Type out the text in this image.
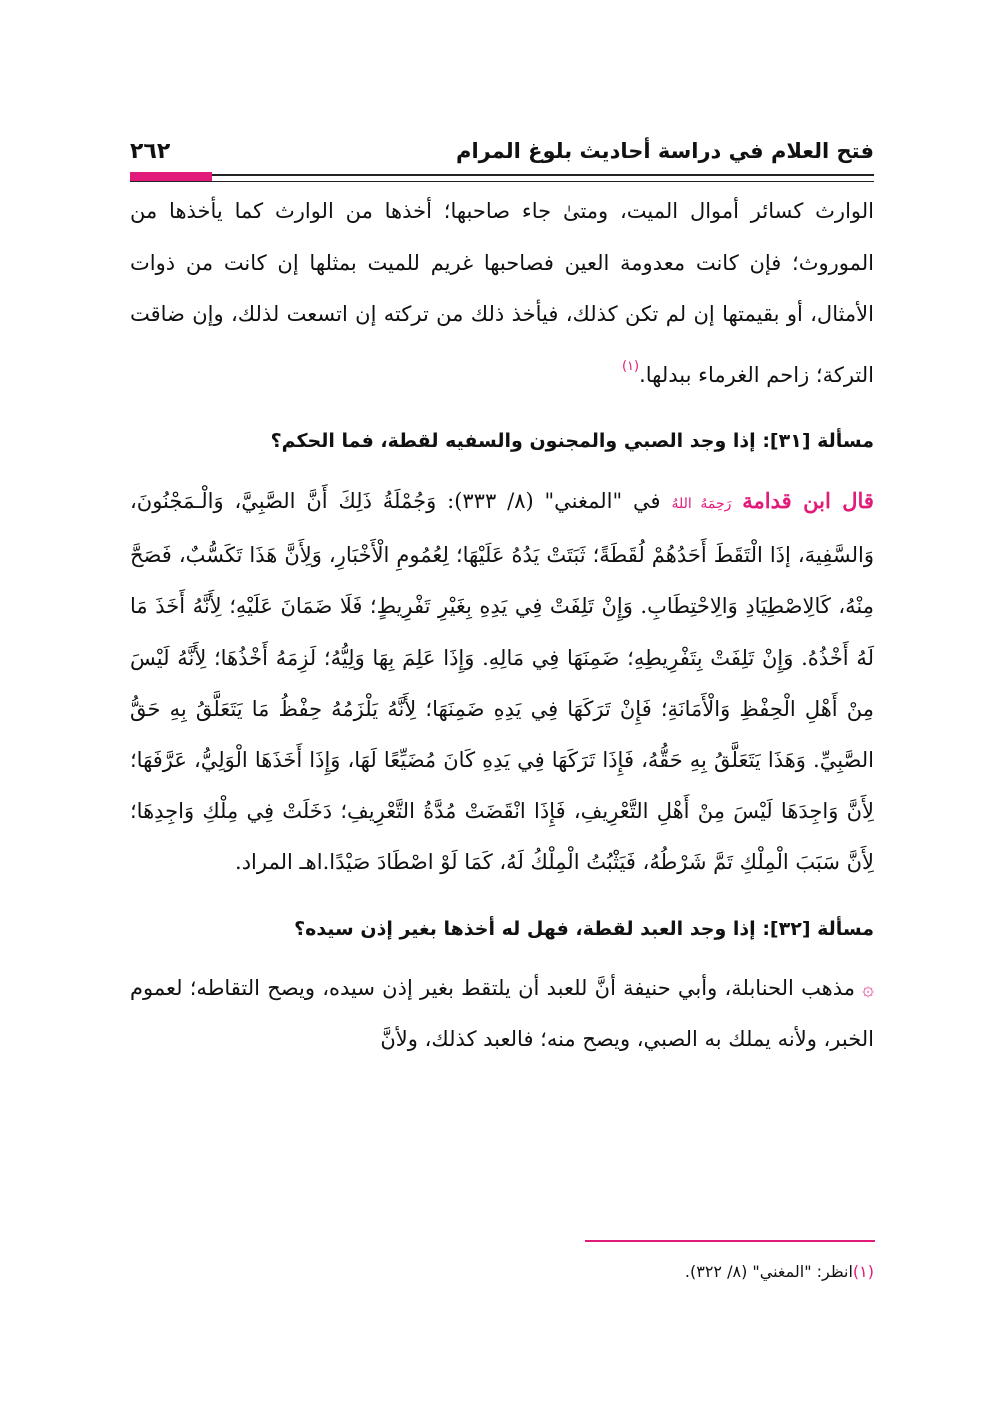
فتح العلام في دراسة أحاديث بلوغ المرام
٢٦٢

الوارث كسائر أموال الميت، ومتىٰ جاء صاحبها؛ أخذها من الوارث كما يأخذها من الموروث؛ فإن كانت معدومة العين فصاحبها غريم للميت بمثلها إن كانت من ذوات الأمثال، أو بقيمتها إن لم تكن كذلك، فيأخذ ذلك من تركته إن اتسعت لذلك، وإن ضاقت التركة؛ زاحم الغرماء ببدلها.$^{(١)}$

مسألة [٣١]: إذا وجد الصبي والمجنون والسفيه لقطة، فما الحكم؟

قال ابن قدامة رَحِمَهُ اللهُ في "المغني" (٨/ ٣٣٣): وَجُمْلَةُ ذَلِكَ أَنَّ الصَّبِيَّ، وَالْـمَجْنُونَ، وَالسَّفِيهَ، إذَا الْتَقَطَ أَحَدُهُمْ لُقَطَةً؛ ثَبَتَتْ يَدُهُ عَلَيْهَا؛ لِعُمُومِ الْأَخْبَارِ، وَلِأَنَّ هَذَا تَكَسُّبٌ، فَصَحَّ مِنْهُ، كَالِاصْطِيَادِ وَالِاحْتِطَابِ. وَإِنْ تَلِفَتْ فِي يَدِهِ بِغَيْرِ تَفْرِيطٍ؛ فَلَا ضَمَانَ عَلَيْهِ؛ لِأَنَّهُ أَخَذَ مَا لَهُ أَخْذُهُ. وَإِنْ تَلِفَتْ بِتَفْرِيطِهِ؛ ضَمِنَهَا فِي مَالِهِ. وَإِذَا عَلِمَ بِهَا وَلِيُّهُ؛ لَزِمَهُ أَخْذُهَا؛ لِأَنَّهُ لَيْسَ مِنْ أَهْلِ الْحِفْظِ وَالْأَمَانَةِ؛ فَإِنْ تَرَكَهَا فِي يَدِهِ ضَمِنَهَا؛ لِأَنَّهُ يَلْزَمُهُ حِفْظُ مَا يَتَعَلَّقُ بِهِ حَقُّ الصَّبِيِّ. وَهَذَا يَتَعَلَّقُ بِهِ حَقُّهُ، فَإِذَا تَرَكَهَا فِي يَدِهِ كَانَ مُضَيِّعًا لَهَا، وَإِذَا أَخَذَهَا الْوَلِيُّ، عَرَّفَهَا؛ لِأَنَّ وَاجِدَهَا لَيْسَ مِنْ أَهْلِ التَّعْرِيفِ، فَإِذَا انْقَضَتْ مُدَّةُ التَّعْرِيفِ؛ دَخَلَتْ فِي مِلْكِ وَاجِدِهَا؛ لِأَنَّ سَبَبَ الْمِلْكِ تَمَّ شَرْطُهُ، فَيَثْبُتُ الْمِلْكُ لَهُ، كَمَا لَوْ اصْطَادَ صَيْدًا.اهـ المراد.

مسألة [٣٢]: إذا وجد العبد لقطة، فهل له أخذها بغير إذن سيده؟

۞ مذهب الحنابلة، وأبي حنيفة أنَّ للعبد أن يلتقط بغير إذن سيده، ويصح التقاطه؛ لعموم الخبر، ولأنه يملك به الصبي، ويصح منه؛ فالعبد كذلك، ولأنَّ

(١)انظر: "المغني" (٨/ ٣٢٢).
